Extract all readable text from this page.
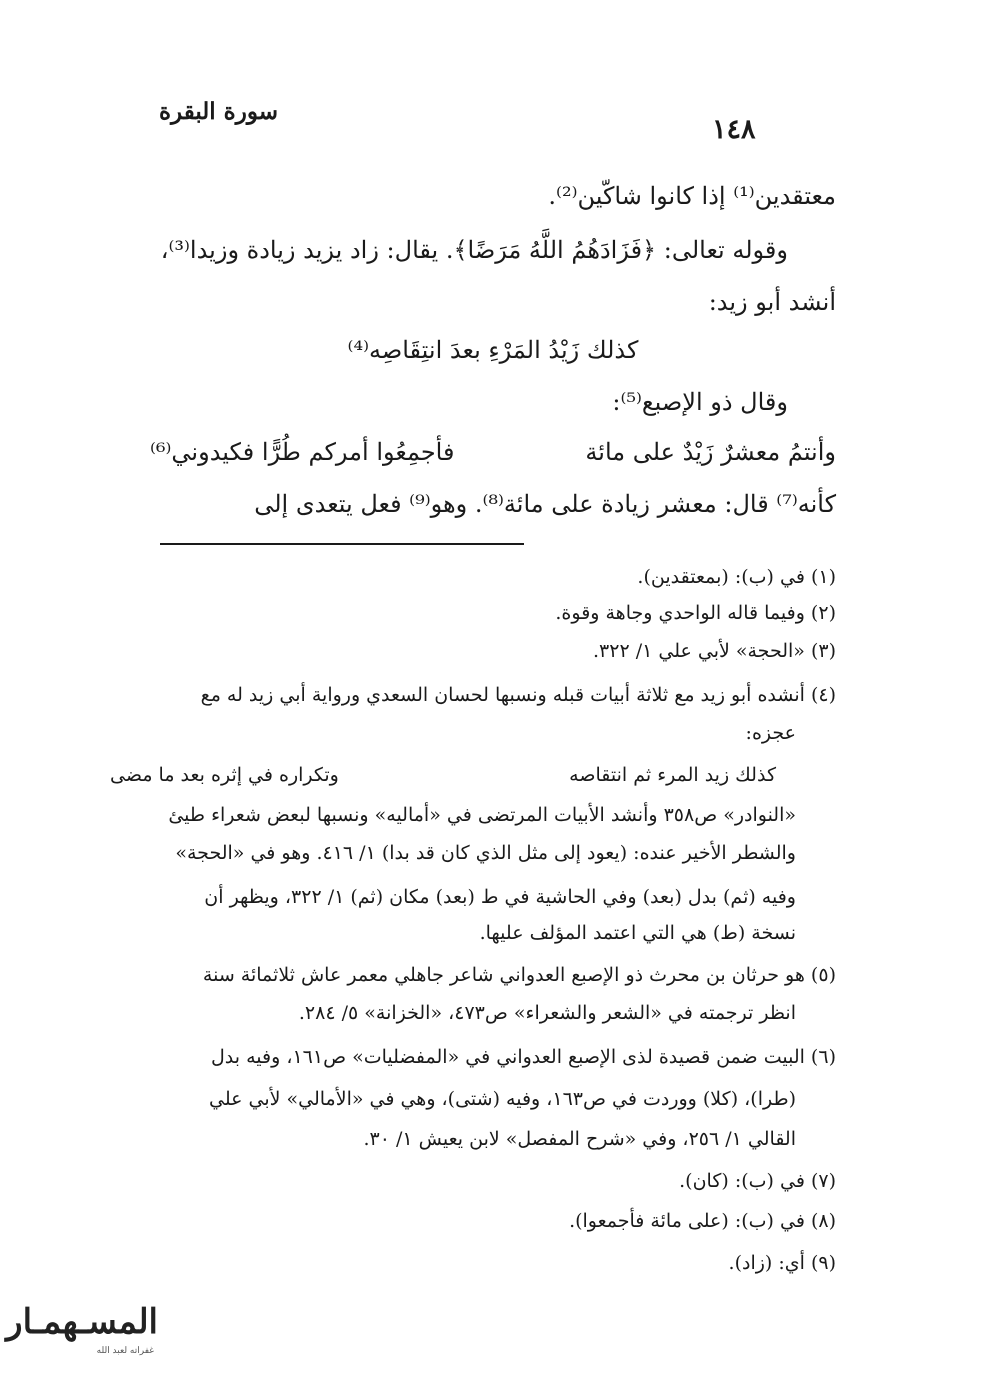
سورة البقرة
١٤٨
معتقدين⁽¹⁾ إذا كانوا شاكّين⁽²⁾.
وقوله تعالى: ﴿فَزَادَهُمُ اللَّهُ مَرَضًا﴾. يقال: زاد يزيد زيادة وزيدا⁽³⁾،
أنشد أبو زيد:
كذلك زَيْدُ المَرْءِ بعدَ انتِقَاصِه⁽⁴⁾
وقال ذو الإصبع⁽⁵⁾:
وأنتمُ معشرٌ زَيْدٌ على مائة
فأجمِعُوا أمركم طُرًّا فكيدوني⁽⁶⁾
كأنه⁽⁷⁾ قال: معشر زيادة على مائة⁽⁸⁾. وهو⁽⁹⁾ فعل يتعدى إلى
(١) في (ب): (بمعتقدين).
(٢) وفيما قاله الواحدي وجاهة وقوة.
(٣) «الحجة» لأبي علي ١/ ٣٢٢.
(٤) أنشده أبو زيد مع ثلاثة أبيات قبله ونسبها لحسان السعدي ورواية أبي زيد له مع
عجزه:
كذلك زيد المرء ثم انتقاصه
وتكراره في إثره بعد ما مضى
«النوادر» ص٣٥٨ وأنشد الأبيات المرتضى في «أماليه» ونسبها لبعض شعراء طيئ
والشطر الأخير عنده: (يعود إلى مثل الذي كان قد بدا) ١/ ٤١٦. وهو في «الحجة»
وفيه (ثم) بدل (بعد) وفي الحاشية في ط (بعد) مكان (ثم) ١/ ٣٢٢، ويظهر أن
نسخة (ط) هي التي اعتمد المؤلف عليها.
(٥) هو حرثان بن محرث ذو الإصبع العدواني شاعر جاهلي معمر عاش ثلاثمائة سنة
انظر ترجمته في «الشعر والشعراء» ص٤٧٣، «الخزانة» ٥/ ٢٨٤.
(٦) البيت ضمن قصيدة لذى الإصبع العدواني في «المفضليات» ص١٦١، وفيه بدل
(طرا)، (كلا) ووردت في ص١٦٣، وفيه (شتى)، وهي في «الأمالي» لأبي علي
القالي ١/ ٢٥٦، وفي «شرح المفصل» لابن يعيش ١/ ٣٠.
(٧) في (ب): (كان).
(٨) في (ب): (على مائة فأجمعوا).
(٩) أي: (زاد).
المسـهمـار
غفراته لعبد الله
